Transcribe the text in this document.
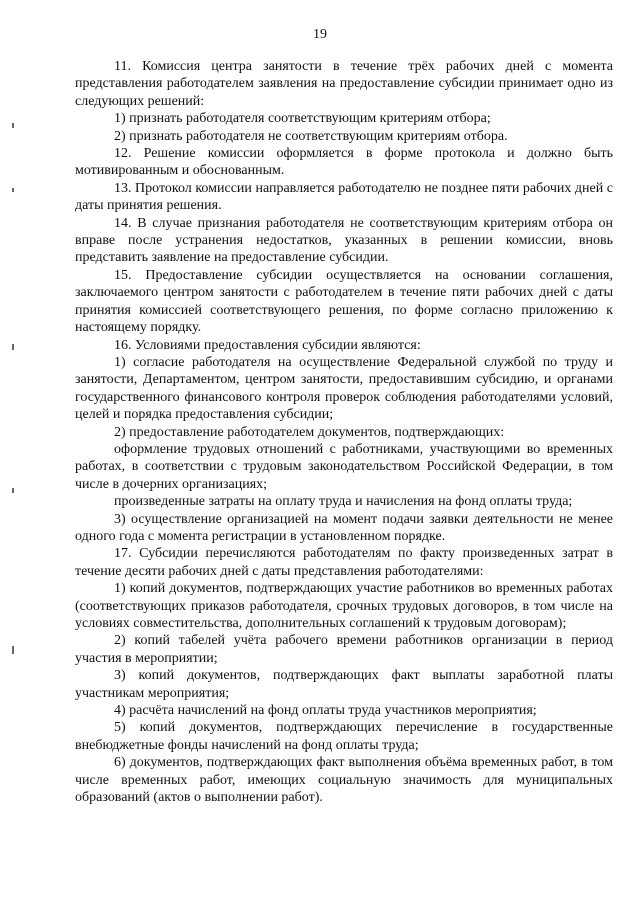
19

11. Комиссия центра занятости в течение трёх рабочих дней с момента представления работодателем заявления на предоставление субсидии принимает одно из следующих решений:

1) признать работодателя соответствующим критериям отбора;

2) признать работодателя не соответствующим критериям отбора.

12. Решение комиссии оформляется в форме протокола и должно быть мотивированным и обоснованным.

13. Протокол комиссии направляется работодателю не позднее пяти рабочих дней с даты принятия решения.

14. В случае признания работодателя не соответствующим критериям отбора он вправе после устранения недостатков, указанных в решении комиссии, вновь представить заявление на предоставление субсидии.

15. Предоставление субсидии осуществляется на основании соглашения, заключаемого центром занятости с работодателем в течение пяти рабочих дней с даты принятия комиссией соответствующего решения, по форме согласно приложению к настоящему порядку.

16. Условиями предоставления субсидии являются:

1) согласие работодателя на осуществление Федеральной службой по труду и занятости, Департаментом, центром занятости, предоставившим субсидию, и органами государственного финансового контроля проверок соблюдения работодателями условий, целей и порядка предоставления субсидии;

2) предоставление работодателем документов, подтверждающих:

оформление трудовых отношений с работниками, участвующими во временных работах, в соответствии с трудовым законодательством Российской Федерации, в том числе в дочерних организациях;

произведенные затраты на оплату труда и начисления на фонд оплаты труда;

3) осуществление организацией на момент подачи заявки деятельности не менее одного года с момента регистрации в установленном порядке.

17. Субсидии перечисляются работодателям по факту произведенных затрат в течение десяти рабочих дней с даты представления работодателями:

1) копий документов, подтверждающих участие работников во временных работах (соответствующих приказов работодателя, срочных трудовых договоров, в том числе на условиях совместительства, дополнительных соглашений к трудовым договорам);

2) копий табелей учёта рабочего времени работников организации в период участия в мероприятии;

3) копий документов, подтверждающих факт выплаты заработной платы участникам мероприятия;

4) расчёта начислений на фонд оплаты труда участников мероприятия;

5) копий документов, подтверждающих перечисление в государственные внебюджетные фонды начислений на фонд оплаты труда;

6) документов, подтверждающих факт выполнения объёма временных работ, в том числе временных работ, имеющих социальную значимость для муниципальных образований (актов о выполнении работ).
